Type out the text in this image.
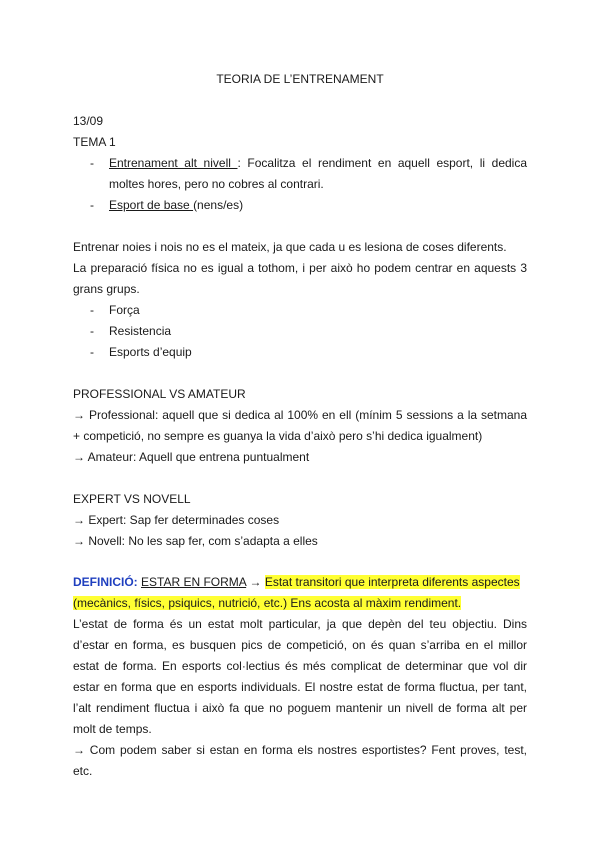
TEORIA DE L’ENTRENAMENT
13/09
TEMA 1
- Entrenament alt nivell : Focalitza el rendiment en aquell esport, li dedica
moltes hores, pero no cobres al contrari.
- Esport de base (nens/es)
Entrenar noies i nois no es el mateix, ja que cada u es lesiona de coses diferents.
La preparació física no es igual a tothom, i per això ho podem centrar en aquests 3
grans grups.
- Força
- Resistencia
- Esports d’equip
PROFESSIONAL VS AMATEUR
→ Professional: aquell que si dedica al 100% en ell (mínim 5 sessions a la setmana
+ competició, no sempre es guanya la vida d’això pero s’hi dedica igualment)
→ Amateur: Aquell que entrena puntualment
EXPERT VS NOVELL
→ Expert: Sap fer determinades coses
→ Novell: No les sap fer, com s’adapta a elles
DEFINICIÓ: ESTAR EN FORMA → Estat transitori que interpreta diferents aspectes
(mecànics, físics, psiquics, nutrició, etc.) Ens acosta al màxim rendiment.
L’estat de forma és un estat molt particular, ja que depèn del teu objectiu. Dins
d’estar en forma, es busquen pics de competició, on és quan s’arriba en el millor
estat de forma. En esports col·lectius és més complicat de determinar que vol dir
estar en forma que en esports individuals. El nostre estat de forma fluctua, per tant,
l’alt rendiment fluctua i això fa que no poguem mantenir un nivell de forma alt per
molt de temps.
→ Com podem saber si estan en forma els nostres esportistes? Fent proves, test,
etc.
